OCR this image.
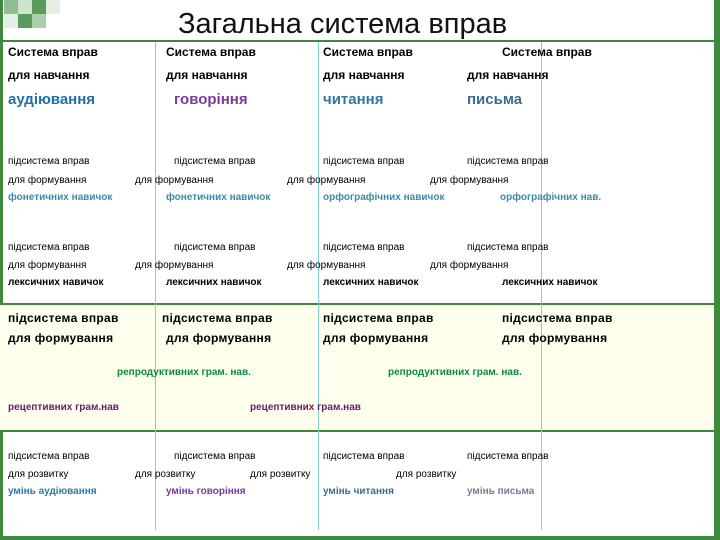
Загальна система вправ
Система вправ	Система вправ	Система вправ	Система вправ
для навчання	для навчання	для навчання	для навчання
аудіювання	говоріння	читання	письма
підсистема вправ	підсистема вправ	підсистема вправ	підсистема вправ
для формування	для формування	для формування	для формування
фонетичних навичок	фонетичних навичок	орфографічних навичок	орфографічних нав.
підсистема вправ	підсистема вправ	підсистема вправ	підсистема вправ
для формування	для формування	для формування	для формування
лексичних навичок	лексичних навичок	лексичних навичок	лексичних навичок
підсистема вправ	підсистема вправ	підсистема вправ	підсистема вправ
для формування	для формування	для формування	для формування
репродуктивних грам. нав.	репродуктивних грам. нав.
рецептивних грам.нав	рецептивних грам.нав
підсистема вправ	підсистема вправ	підсистема вправ	підсистема вправ
для розвитку	для розвитку	для розвитку	для розвитку
умінь аудіювання	умінь говоріння	умінь читання	умінь письма
